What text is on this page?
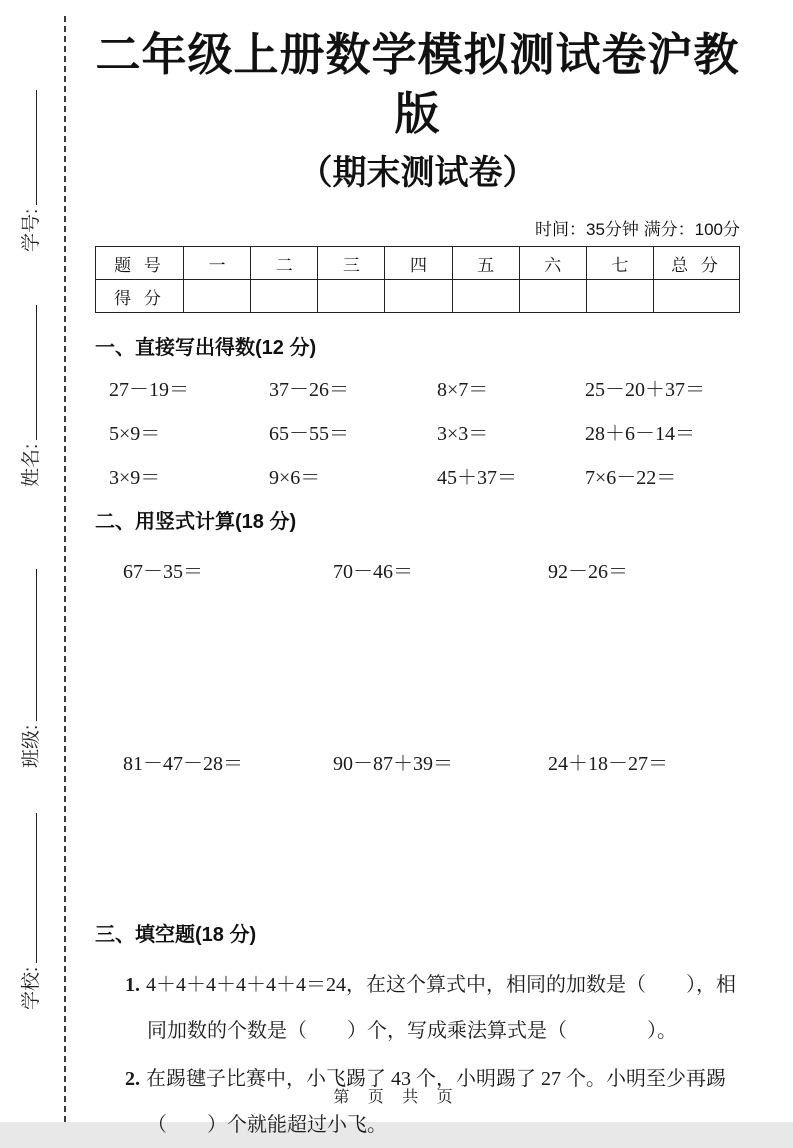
学号:
姓名:
班级:
学校:
二年级上册数学模拟测试卷沪教版
（期末测试卷）
时间：35分钟 满分：100分
题 号	一	二	三	四	五	六	七	总 分
得 分								
一、直接写出得数(12 分)
27－19＝	37－26＝	8×7＝	25－20＋37＝
5×9＝	65－55＝	3×3＝	28＋6－14＝
3×9＝	9×6＝	45＋37＝	7×6－22＝
二、用竖式计算(18 分)
67－35＝	70－46＝	92－26＝
81－47－28＝	90－87＋39＝	24＋18－27＝
三、填空题(18 分)
1. 4＋4＋4＋4＋4＋4＝24，在这个算式中，相同的加数是（　　），相
同加数的个数是（　　）个，写成乘法算式是（　　　　）。
2. 在踢毽子比赛中，小飞踢了 43 个，小明踢了 27 个。小明至少再踢
（　　）个就能超过小飞。
第 页 共 页
